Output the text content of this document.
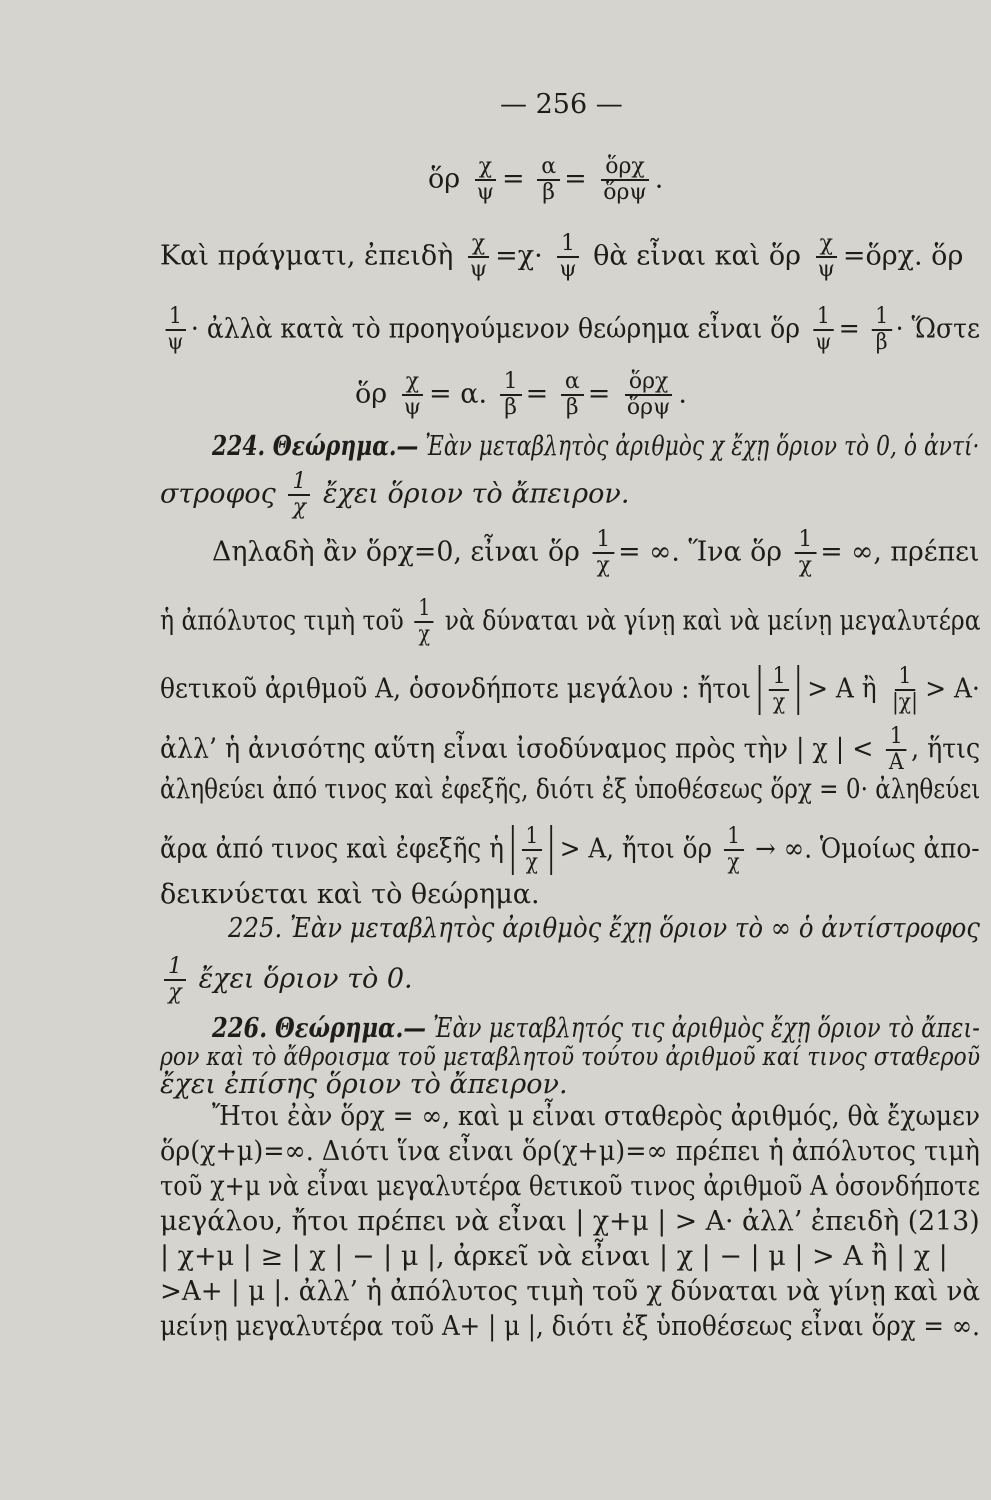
— 256 —
ὅρ $\frac{\chi}{\psi} = \frac{\alpha}{\beta} = \frac{\text{ὅρχ}}{\text{ὅρψ}}$ .
Καὶ πράγματι, ἐπειδὴ $\frac{\chi}{\psi} =\chi\cdot \frac{1}{\psi}$ θὰ εἶναι καὶ ὅρ $\frac{\chi}{\psi}$ =ὅρχ. ὅρ
$\frac{1}{\psi}$ · ἀλλὰ κατὰ τὸ προηγούμενον θεώρημα εἶναι ὅρ $\frac{1}{\psi} = \frac{1}{\beta}$ · Ὥστε
ὅρ $\frac{\chi}{\psi} = \alpha$. $\frac{1}{\beta} = \frac{\alpha}{\beta} = \frac{\text{ὅρχ}}{\text{ὅρψ}}$ .
224. Θεώρημα.— Ἐὰν μεταβλητὸς ἀριθμὸς χ ἔχῃ ὅριον τὸ 0, ὁ ἀντί·
στροφος $\frac{1}{\chi}$ ἔχει ὅριον τὸ ἄπειρον.
Δηλαδὴ ἂν ὅρχ=0, εἶναι ὅρ $\frac{1}{\chi}$ = ∞. Ἵνα ὅρ $\frac{1}{\chi}$ = ∞, πρέπει
ἡ ἀπόλυτος τιμὴ τοῦ $\frac{1}{\chi}$ νὰ δύναται νὰ γίνῃ καὶ νὰ μείνῃ μεγαλυτέρα
θετικοῦ ἀριθμοῦ Α, ὁσονδήποτε μεγάλου : ἤτοι $\frac{1}{\chi} > A$ ἢ $\frac{1}{|\chi|} > A\cdot$
ἀλλ’ ἡ ἀνισότης αὕτη εἶναι ἰσοδύναμος πρὸς τὴν | χ | < $\frac{1}{A}$ , ἥτις
ἀληθεύει ἀπό τινος καὶ ἐφεξῆς, διότι ἐξ ὑποθέσεως ὅρχ = 0· ἀληθεύει
ἄρα ἀπό τινος καὶ ἐφεξῆς ἡ $\frac{1}{\chi} > A$, ἤτοι ὅρ $\frac{1}{\chi}$ → ∞. Ὁμοίως ἀπο-
δεικνύεται καὶ τὸ θεώρημα.
225. Ἐὰν μεταβλητὸς ἀριθμὸς ἔχῃ ὅριον τὸ ∞ ὁ ἀντίστροφος
$\frac{1}{\chi}$ ἔχει ὅριον τὸ 0.
226. Θεώρημα.— Ἐὰν μεταβλητός τις ἀριθμὸς ἔχῃ ὅριον τὸ ἄπει-
ρον καὶ τὸ ἄθροισμα τοῦ μεταβλητοῦ τούτου ἀριθμοῦ καί τινος σταθεροῦ
ἔχει ἐπίσης ὅριον τὸ ἄπειρον.
Ἤτοι ἐὰν ὅρχ = ∞, καὶ μ εἶναι σταθερὸς ἀριθμός, θὰ ἔχωμεν
ὅρ(χ+μ)=∞. Διότι ἵνα εἶναι ὅρ(χ+μ)=∞ πρέπει ἡ ἀπόλυτος τιμὴ
τοῦ χ+μ νὰ εἶναι μεγαλυτέρα θετικοῦ τινος ἀριθμοῦ Α ὁσονδήποτε
μεγάλου, ἤτοι πρέπει νὰ εἶναι | χ+μ | > Α· ἀλλ’ ἐπειδὴ (213)
| χ+μ | ≥ | χ | − | μ |, ἀρκεῖ νὰ εἶναι | χ | − | μ | > Α ἢ | χ |
>Α+ | μ |. ἀλλ’ ἡ ἀπόλυτος τιμὴ τοῦ χ δύναται νὰ γίνῃ καὶ νὰ
μείνῃ μεγαλυτέρα τοῦ Α+ | μ |, διότι ἐξ ὑποθέσεως εἶναι ὅρχ = ∞.
